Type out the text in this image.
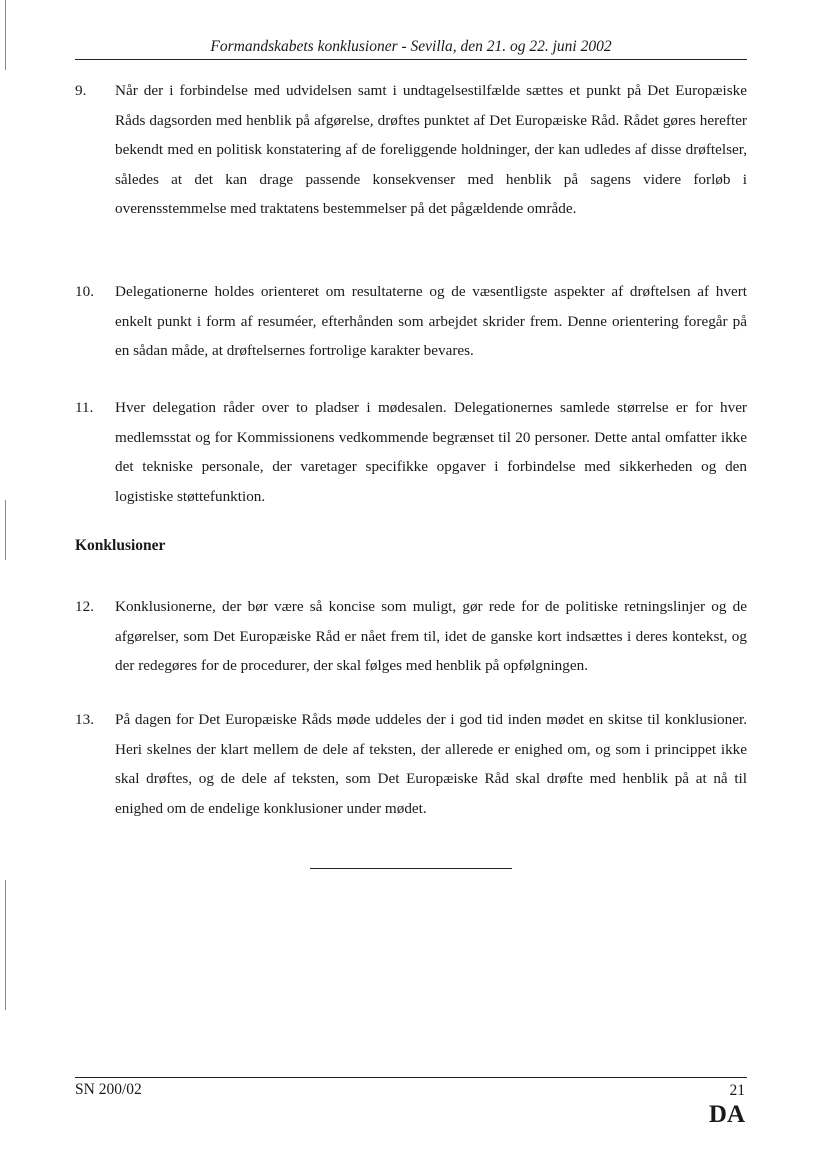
Formandskabets konklusioner - Sevilla, den 21. og 22. juni 2002
9.	Når der i forbindelse med udvidelsen samt i undtagelsestilfælde sættes et punkt på Det Europæiske Råds dagsorden med henblik på afgørelse, drøftes punktet af Det Europæiske Råd. Rådet gøres herefter bekendt med en politisk konstatering af de foreliggende holdninger, der kan udledes af disse drøftelser, således at det kan drage passende konsekvenser med henblik på sagens videre forløb i overensstemmelse med traktatens bestemmelser på det pågældende område.
10.	Delegationerne holdes orienteret om resultaterne og de væsentligste aspekter af drøftelsen af hvert enkelt punkt i form af resuméer, efterhånden som arbejdet skrider frem. Denne orientering foregår på en sådan måde, at drøftelsernes fortrolige karakter bevares.
11.	Hver delegation råder over to pladser i mødesalen. Delegationernes samlede størrelse er for hver medlemsstat og for Kommissionens vedkommende begrænset til 20 personer. Dette antal omfatter ikke det tekniske personale, der varetager specifikke opgaver i forbindelse med sikkerheden og den logistiske støttefunktion.
Konklusioner
12.	Konklusionerne, der bør være så koncise som muligt, gør rede for de politiske retningslinjer og de afgørelser, som Det Europæiske Råd er nået frem til, idet de ganske kort indsættes i deres kontekst, og der redegøres for de procedurer, der skal følges med henblik på opfølgningen.
13.	På dagen for Det Europæiske Råds møde uddeles der i god tid inden mødet en skitse til konklusioner. Heri skelnes der klart mellem de dele af teksten, der allerede er enighed om, og som i princippet ikke skal drøftes, og de dele af teksten, som Det Europæiske Råd skal drøfte med henblik på at nå til enighed om de endelige konklusioner under mødet.
SN 200/02	21
DA
